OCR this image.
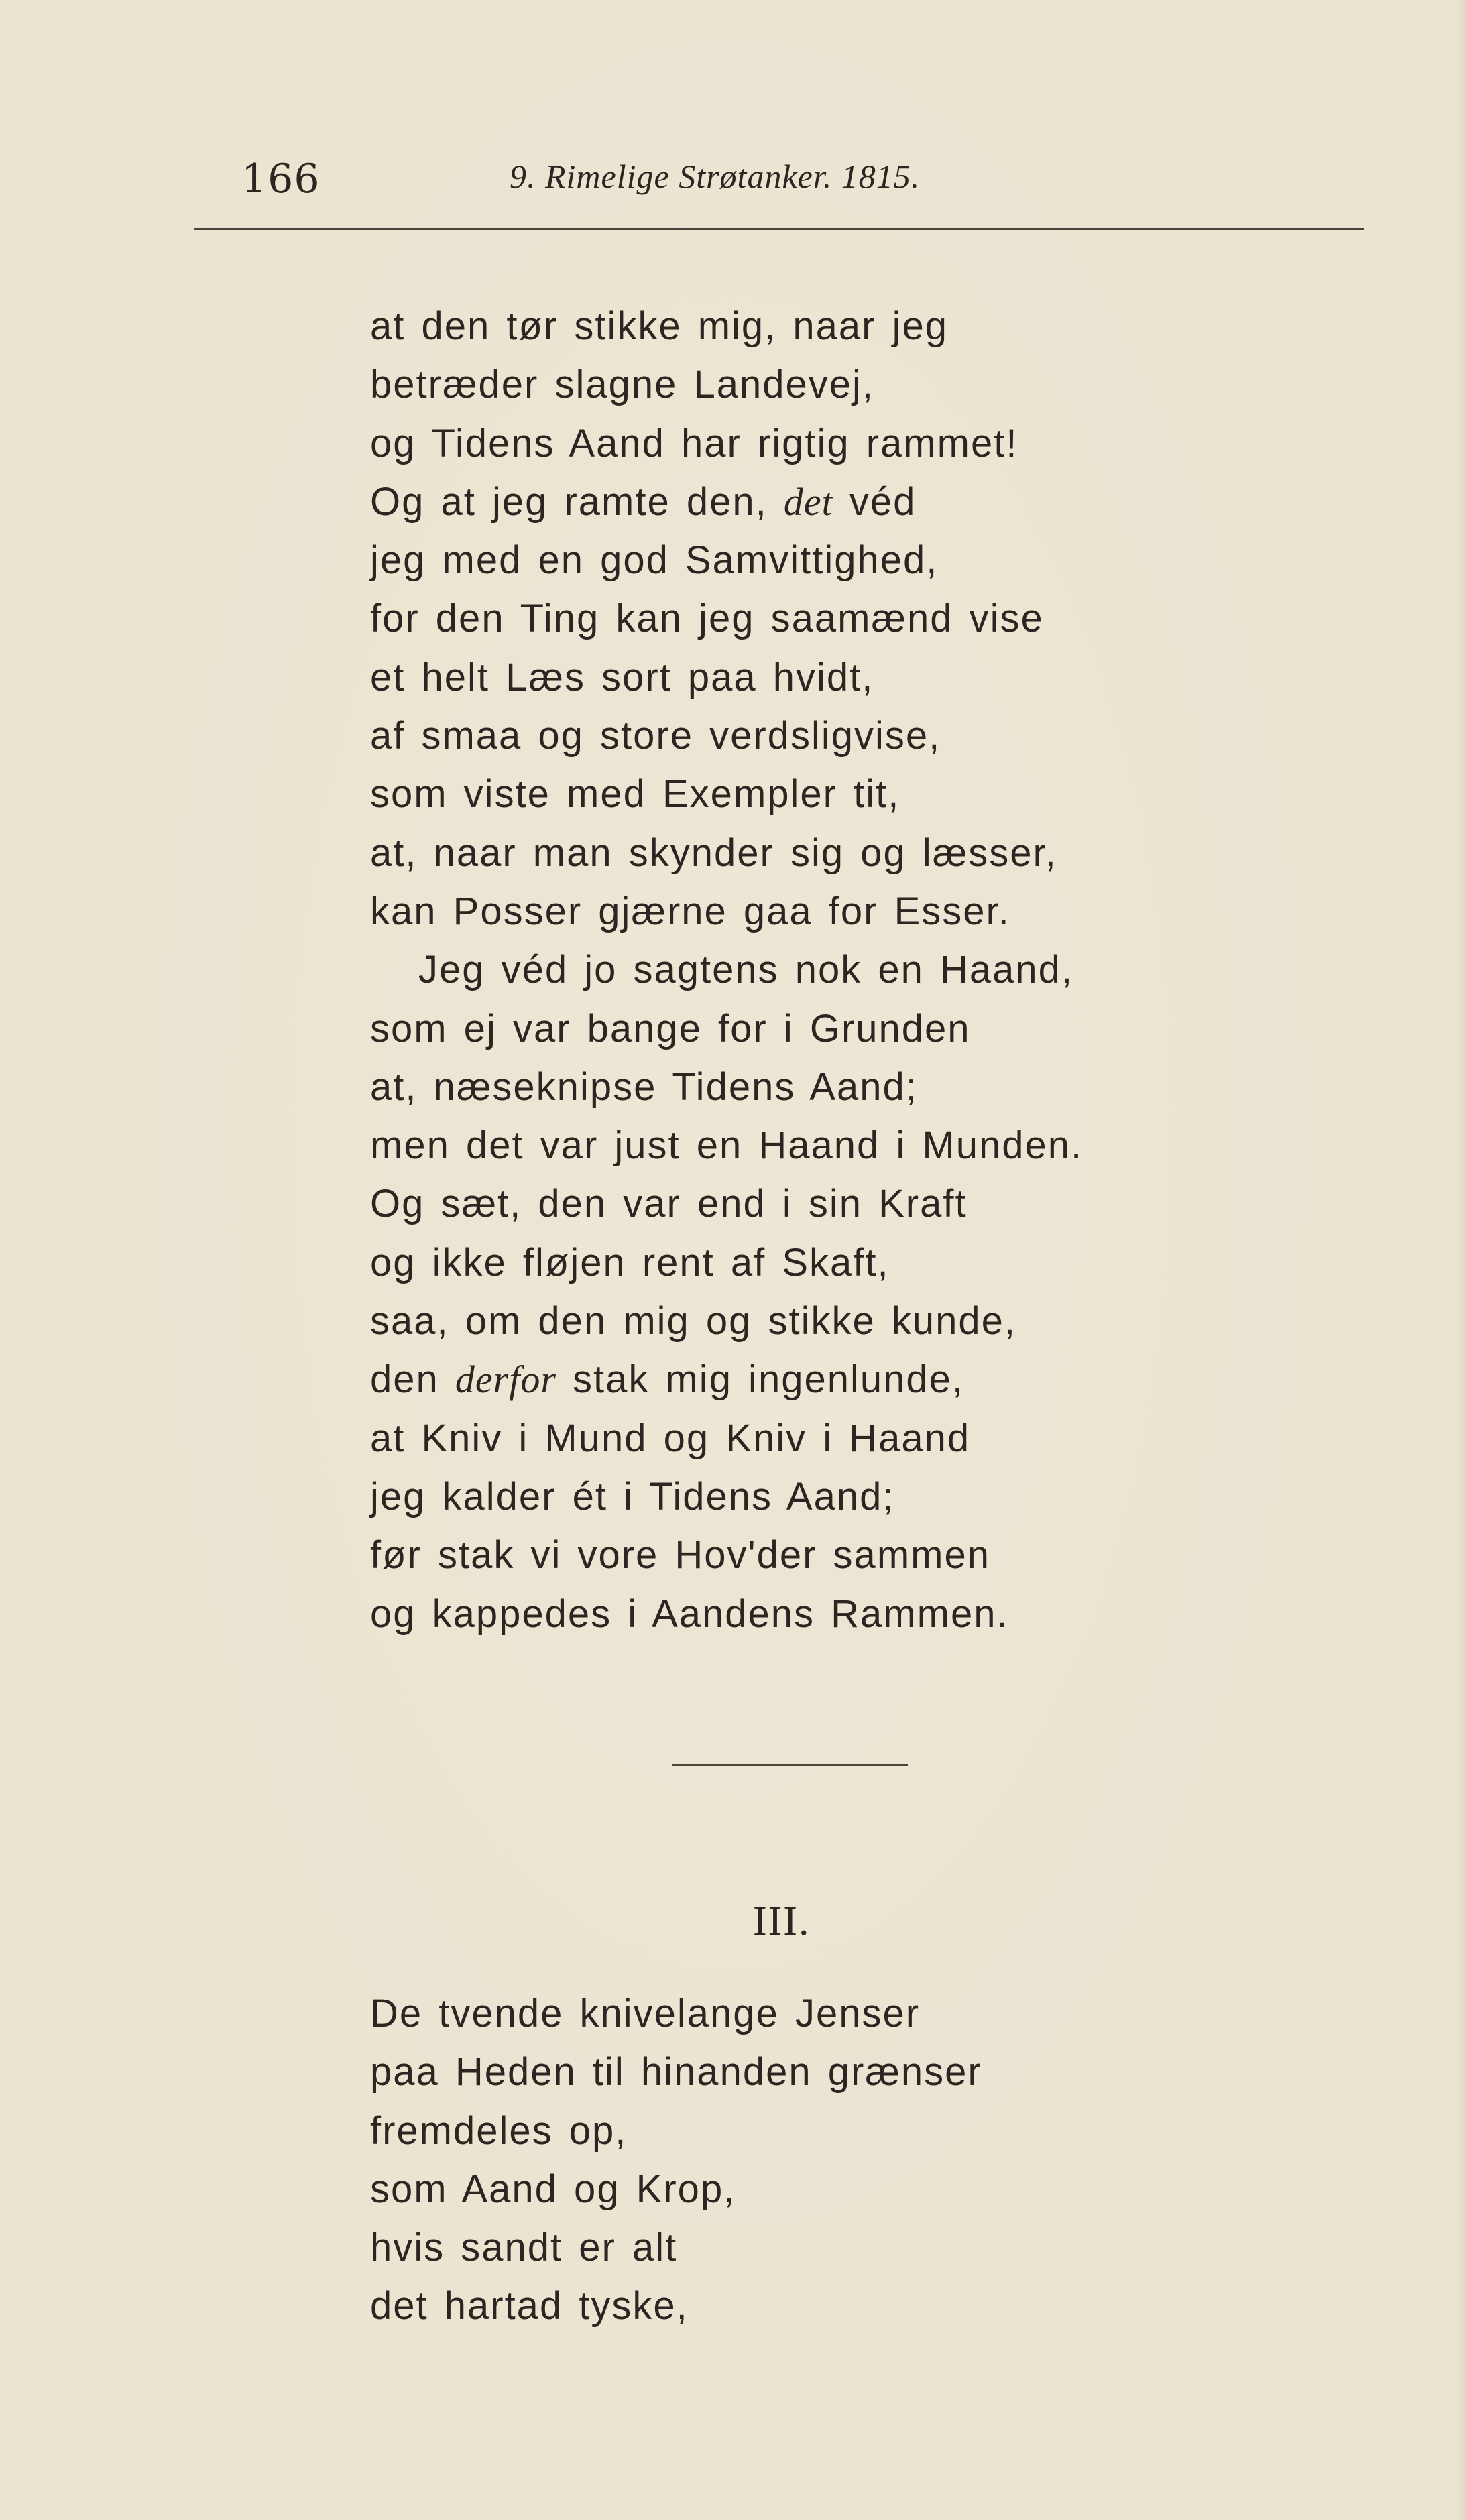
166	9. Rimelige Strøtanker. 1815.
at den tør stikke mig, naar jeg
betræder slagne Landevej,
og Tidens Aand har rigtig rammet!
Og at jeg ramte den, det véd
jeg med en god Samvittighed,
for den Ting kan jeg saamænd vise
et helt Læs sort paa hvidt,
af smaa og store verdsligvise,
som viste med Exempler tit,
at, naar man skynder sig og læsser,
kan Posser gjærne gaa for Esser.
Jeg véd jo sagtens nok en Haand,
som ej var bange for i Grunden
at, næseknipse Tidens Aand;
men det var just en Haand i Munden.
Og sæt, den var end i sin Kraft
og ikke fløjen rent af Skaft,
saa, om den mig og stikke kunde,
den derfor stak mig ingenlunde,
at Kniv i Mund og Kniv i Haand
jeg kalder ét i Tidens Aand;
før stak vi vore Hov'der sammen
og kappedes i Aandens Rammen.
III.
De tvende knivelange Jenser
paa Heden til hinanden grænser
fremdeles op,
som Aand og Krop,
hvis sandt er alt
det hartad tyske,
